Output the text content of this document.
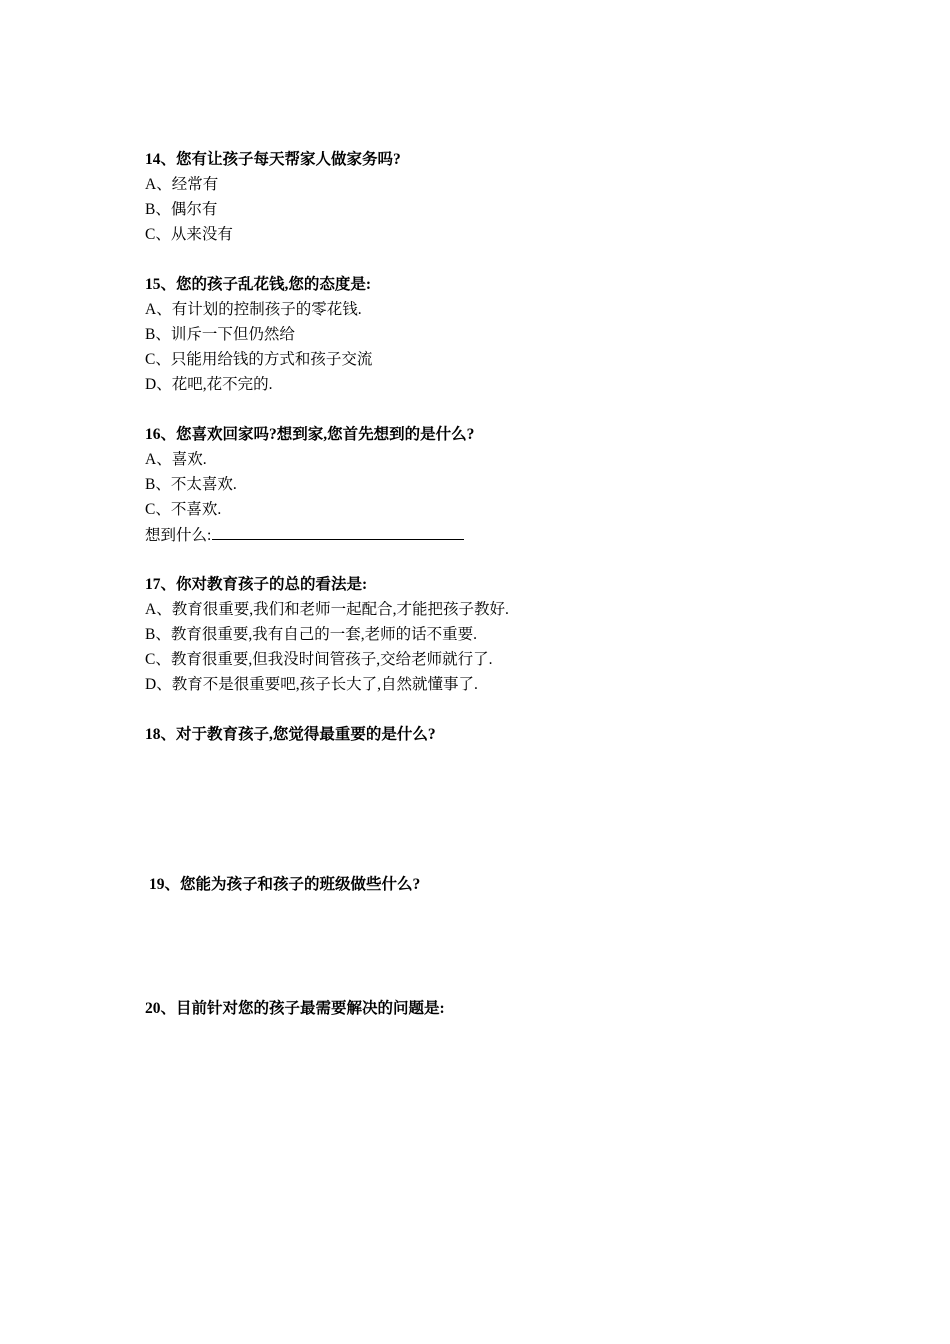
14、您有让孩子每天帮家人做家务吗?
A、经常有
B、偶尔有
C、从来没有
15、您的孩子乱花钱,您的态度是:
A、有计划的控制孩子的零花钱.
B、训斥一下但仍然给
C、只能用给钱的方式和孩子交流
D、花吧,花不完的.
16、您喜欢回家吗?想到家,您首先想到的是什么?
A、喜欢.
B、不太喜欢.
C、不喜欢.
想到什么:
17、你对教育孩子的总的看法是:
A、教育很重要,我们和老师一起配合,才能把孩子教好.
B、教育很重要,我有自己的一套,老师的话不重要.
C、教育很重要,但我没时间管孩子,交给老师就行了.
D、教育不是很重要吧,孩子长大了,自然就懂事了.
18、对于教育孩子,您觉得最重要的是什么?
19、您能为孩子和孩子的班级做些什么?
20、目前针对您的孩子最需要解决的问题是:
